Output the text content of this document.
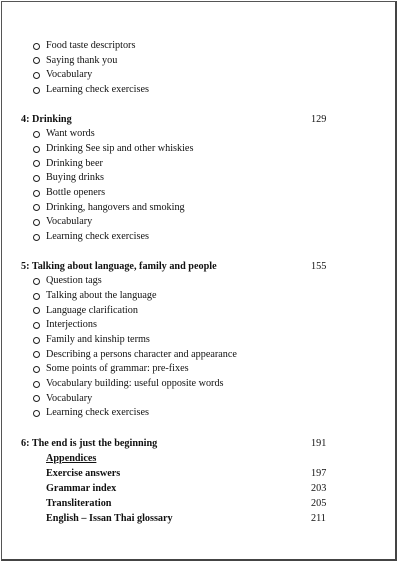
Food taste descriptors
Saying thank you
Vocabulary
Learning check exercises
4: Drinking	129
Want words
Drinking See sip and other whiskies
Drinking beer
Buying drinks
Bottle openers
Drinking, hangovers and smoking
Vocabulary
Learning check exercises
5: Talking about language, family and people	155
Question tags
Talking about the language
Language clarification
Interjections
Family and kinship terms
Describing a persons character and appearance
Some points of grammar: pre-fixes
Vocabulary building: useful opposite words
Vocabulary
Learning check exercises
6: The end is just the beginning	191
Appendices
Exercise answers	197
Grammar index	203
Transliteration	205
English – Issan Thai glossary	211
